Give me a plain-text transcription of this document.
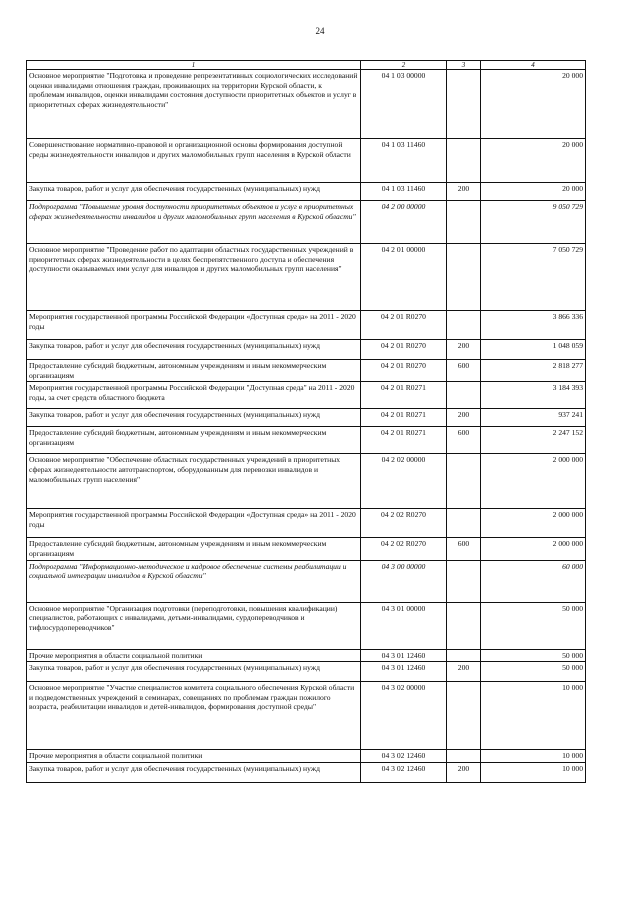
24
1	2	3	4
Основное мероприятие "Подготовка и проведение репрезентативных социологических исследований оценки инвалидами отношения граждан, проживающих на территории Курской области, к проблемам инвалидов, оценки инвалидами состояния доступности приоритетных объектов и услуг в приоритетных сферах жизнедеятельности"	04 1 03 00000		20 000
Совершенствование нормативно-правовой и организационной основы формирования доступной среды жизнедеятельности инвалидов и других маломобильных групп населения в Курской области	04 1 03 11460		20 000
Закупка товаров, работ и услуг для обеспечения государственных (муниципальных) нужд	04 1 03 11460	200	20 000
Подпрограмма "Повышение уровня доступности приоритетных объектов и услуг в приоритетных сферах жизнедеятельности инвалидов и других маломобильных групп населения в Курской области"	04 2 00 00000		9 050 729
Основное мероприятие "Проведение работ по адаптации областных государственных учреждений в приоритетных сферах жизнедеятельности в целях беспрепятственного доступа и обеспечения доступности оказываемых ими услуг для инвалидов и других маломобильных групп населения"	04 2 01 00000		7 050 729
Мероприятия государственной программы Российской Федерации «Доступная среда» на 2011 - 2020 годы	04 2 01 R0270		3 866 336
Закупка товаров, работ и услуг для обеспечения государственных (муниципальных) нужд	04 2 01 R0270	200	1 048 059
Предоставление субсидий бюджетным, автономным учреждениям и иным некоммерческим организациям	04 2 01 R0270	600	2 818 277
Мероприятия государственной программы Российской Федерации "Доступная среда" на 2011 - 2020 годы, за счет средств областного бюджета	04 2 01 R0271		3 184 393
Закупка товаров, работ и услуг для обеспечения государственных (муниципальных) нужд	04 2 01 R0271	200	937 241
Предоставление субсидий бюджетным, автономным учреждениям и иным некоммерческим организациям	04 2 01 R0271	600	2 247 152
Основное мероприятие "Обеспечение областных государственных учреждений в приоритетных сферах жизнедеятельности автотранспортом, оборудованным для перевозки инвалидов и маломобильных групп населения"	04 2 02 00000		2 000 000
Мероприятия государственной программы Российской Федерации «Доступная среда» на 2011 - 2020 годы	04 2 02 R0270		2 000 000
Предоставление субсидий бюджетным, автономным учреждениям и иным некоммерческим организациям	04 2 02 R0270	600	2 000 000
Подпрограмма "Информационно-методическое и кадровое обеспечение системы реабилитации и социальной интеграции инвалидов в Курской области"	04 3 00 00000		60 000
Основное мероприятие "Организация подготовки (переподготовки, повышения квалификации) специалистов, работающих с инвалидами, детьми-инвалидами, сурдопереводчиков и тифлосурдопереводчиков"	04 3 01 00000		50 000
Прочие мероприятия в области социальной политики	04 3 01 12460		50 000
Закупка товаров, работ и услуг для обеспечения государственных (муниципальных) нужд	04 3 01 12460	200	50 000
Основное мероприятие "Участие специалистов комитета социального обеспечения Курской области и подведомственных учреждений в семинарах, совещаниях по проблемам граждан пожилого возраста, реабилитации инвалидов и детей-инвалидов, формирования доступной среды"	04 3 02 00000		10 000
Прочие мероприятия в области социальной политики	04 3 02 12460		10 000
Закупка товаров, работ и услуг для обеспечения государственных (муниципальных) нужд	04 3 02 12460	200	10 000
